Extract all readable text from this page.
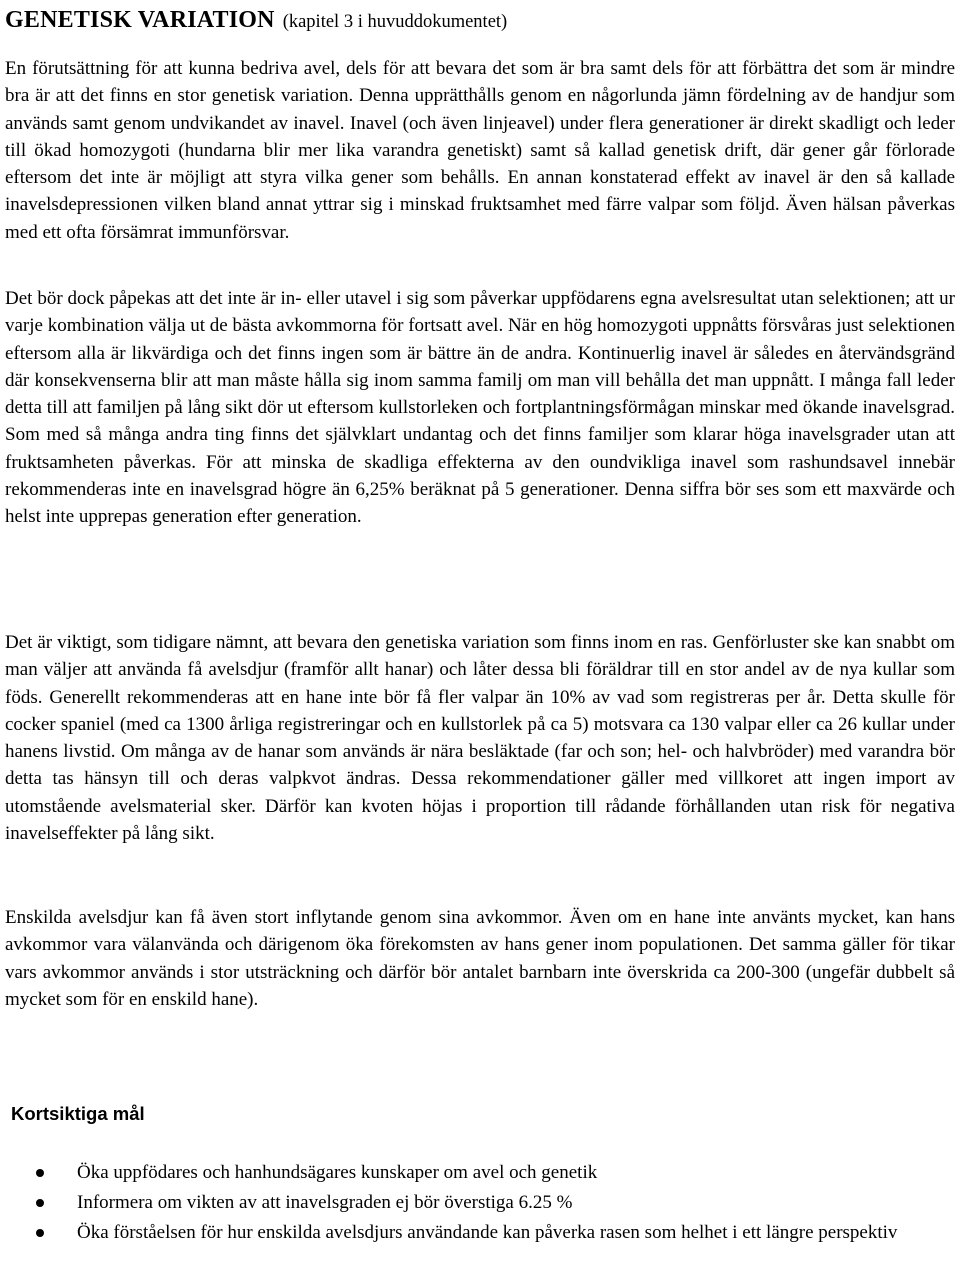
GENETISK VARIATION (kapitel 3 i huvuddokumentet)

En förutsättning för att kunna bedriva avel, dels för att bevara det som är bra samt dels för att förbättra det som är mindre bra är att det finns en stor genetisk variation. Denna upprätthålls genom en någorlunda jämn fördelning av de handjur som används samt genom undvikandet av inavel. Inavel (och även linjeavel) under flera generationer är direkt skadligt och leder till ökad homozygoti (hundarna blir mer lika varandra genetiskt) samt så kallad genetisk drift, där gener går förlorade eftersom det inte är möjligt att styra vilka gener som behålls. En annan konstaterad effekt av inavel är den så kallade inavelsdepressionen vilken bland annat yttrar sig i minskad fruktsamhet med färre valpar som följd. Även hälsan påverkas med ett ofta försämrat immunförsvar.

Det bör dock påpekas att det inte är in- eller utavel i sig som påverkar uppfödarens egna avelsresultat utan selektionen; att ur varje kombination välja ut de bästa avkommorna för fortsatt avel. När en hög homozygoti uppnåtts försvåras just selektionen eftersom alla är likvärdiga och det finns ingen som är bättre än de andra. Kontinuerlig inavel är således en återvändsgränd där konsekvenserna blir att man måste hålla sig inom samma familj om man vill behålla det man uppnått. I många fall leder detta till att familjen på lång sikt dör ut eftersom kullstorleken och fortplantningsförmågan minskar med ökande inavelsgrad. Som med så många andra ting finns det självklart undantag och det finns familjer som klarar höga inavelsgrader utan att fruktsamheten påverkas. För att minska de skadliga effekterna av den oundvikliga inavel som rashundsavel innebär rekommenderas inte en inavelsgrad högre än 6,25% beräknat på 5 generationer. Denna siffra bör ses som ett maxvärde och helst inte upprepas generation efter generation.

Det är viktigt, som tidigare nämnt, att bevara den genetiska variation som finns inom en ras. Genförluster ske kan snabbt om man väljer att använda få avelsdjur (framför allt hanar) och låter dessa bli föräldrar till en stor andel av de nya kullar som föds. Generellt rekommenderas att en hane inte bör få fler valpar än 10% av vad som registreras per år. Detta skulle för cocker spaniel (med ca 1300 årliga registreringar och en kullstorlek på ca 5) motsvara ca 130 valpar eller ca 26 kullar under hanens livstid. Om många av de hanar som används är nära besläktade (far och son; hel- och halvbröder) med varandra bör detta tas hänsyn till och deras valpkvot ändras. Dessa rekommendationer gäller med villkoret att ingen import av utomstående avelsmaterial sker. Därför kan kvoten höjas i proportion till rådande förhållanden utan risk för negativa inavelseffekter på lång sikt.

Enskilda avelsdjur kan få även stort inflytande genom sina avkommor. Även om en hane inte använts mycket, kan hans avkommor vara välanvända och därigenom öka förekomsten av hans gener inom populationen. Det samma gäller för tikar vars avkommor används i stor utsträckning och därför bör antalet barnbarn inte överskrida ca 200-300 (ungefär dubbelt så mycket som för en enskild hane).

Kortsiktiga mål
Öka uppfödares och hanhundsägares kunskaper om avel och genetik
Informera om vikten av att inavelsgraden ej bör överstiga 6.25 %
Öka förståelsen för hur enskilda avelsdjurs användande kan påverka rasen som helhet i ett längre perspektiv
